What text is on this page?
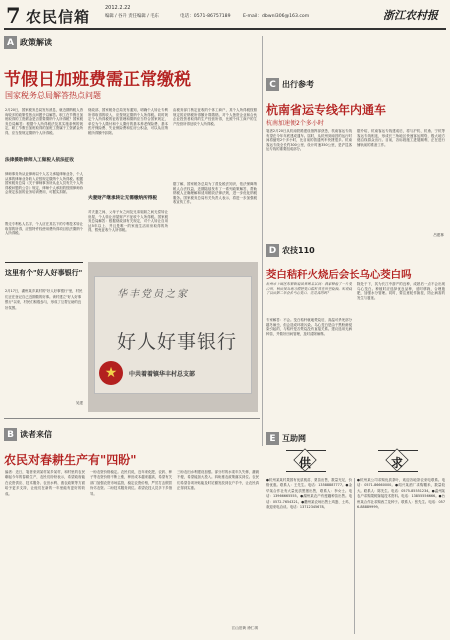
7 农民信箱	2012.2.22
编辑 / 谷升 责任编辑 / 毛东	电话：0571-86757189	E-mail：dbwnl306@163.com	浙江农村报
A 政策解读
节假日加班费需正常缴税
国家税务总局解答热点问题
2月20日，国家税务总局发布消息，就近期纳税人咨询较多的政策性热点问题予以解答。职工在节假日加班取得的工资薪金是否需要缴纳个人所得税？国家税务总局解答：根据个人所得税法及其实施条例的规定，职工节假日加班取得的加班工资属于工资薪金所得，应当按规定缴纳个人所得税。
法律援助律师人工做税人依法征收
律师事务所从业律师以个人名义承接律师业务，个人从事的律师业务收入应按规定缴纳个人所得税。根据国家税务总局《关于律师事务所从业人员有关个人所得税问题的公告》规定，律师个人承担的按照律师协会规定参加的业务培训费用，可据实扣除。
既走专利私人名字，个人应在其名下的专利技术转让取得的所得，应按特许权使用费所得项目依法缴纳个人所得税。
财政部、国家税务总局发布通知，明确个人转让专利所得取得的收入，应按规定缴纳个人所得税。同时规定个人所得税的征收管理和缴纳应当符合国家规定，单位为个人缴付和个人缴付的基本养老保险费、基本医疗保险费、失业保险费和住房公积金，可以从应纳税所得额中扣除。
夫妻财产继承转让无需缴纳所得税
对夫妻之间、父母子女之间及兄弟姐妹之间无偿转让房屋，个人转让房屋财产不征收个人所得税。国家税务总局解答：根据财政部有关规定，对个人转让自用达5年以上、并且是唯一的家庭生活用房取得的所得，暂免征收个人所得税。
由税务部门核定征收的个体工商户，其个人所得税按照规定的应纳税所得额计算缴纳。对个人独资企业和合伙企业投资者取得的生产经营所得，比照个体工商户的生产经营所得征收个人所得税。
据了解，国家税务总局为了普及税法知识，依法保障纳税人合法权益，近期陆续发布了一系列政策解答，帮助纳税人正确理解和适用税收法律法规，进一步优化纳税服务。国家税务总局有关负责人表示，将进一步加强税收宣传工作。
这里有个"好人好事银行"
2月17日，湖州某乡某村的"好人好事银行"里，村民们正在登记自己近期做的好事。该村建立"好人好事银行"以来，村民们积极参与，形成了互帮互助的良好氛围。
吴建
华丰党员之家
好人好事银行
★	中共着着镇华丰村总支部
C 出行参考
杭南省运专线年内通车
杭南加速便2个多小时
笔者2月20日从杭南铁路建设指挥部获悉，杭南客运专线有望在今年年底建成通车。届时，从杭州到南昌的运行时间将缩短2个多小时，比目前的普通列车快捷很多。杭南客运专线全长约300公里，设计时速350公里，是沪昆客运专线的重要组成部分。
据介绍，杭南客运专线建成后，将与沪杭、杭甬、宁杭等客运专线相连，形成长三角地区快速客运网络，极大地方便沿线群众出行。目前，各标段施工进展顺利，正在进行铺轨前的准备工作。
吕建林
D 农技110
茭白秸秆火烧后会长乌心茭白吗
杭州市下城区东新街道读者周某某问：我家种植了一片茭白田，秋后按当地习惯把茭白秸秆放在田里烧掉。听说烧了以后第二年会长乌心茭白，这是真的吗？
专家解答：不会。茭白秸秆就地焚烧后，高温可杀死部分越冬病虫，但会造成环境污染。乌心茭白是由于黑粉菌侵染引起的，与秸秆是否焚烧没有直接关系。建议选用无病种苗，并做好田间管理，及时清除病株。
除处于下，其为长江中游产的良种，成熟后一点不会出现乌心茭白。种植时应选择优良品种，适时移栽，合理施肥，加强水分管理。同时，要注意轮作换茬，防止病害的发生与蔓延。
E 互助网
供	求
●杭州某某村果园有优质桃苗、梨苗出售，数量充足，价格优惠。联系人：王先生。电话：13588887777。●金华某合作社有大量优质黑猪出售，联系人：李女士。电话：13966665555。●湖州某农户有莲藕种苗出售。电话：0572-7654321。●衢州某农场出售土鸡蛋、土鸡，欢迎来电洽谈。电话：13712345678。
●杭州某公司求购优质茶叶，欢迎各地茶农来电联系。电话：0571-86660000。●绍兴某酒厂求购糯米，数量较大。联系人：陈先生。电话：0575-85551234。●温州某农户求购果树嫁接技术资料。电话：13855556666。●台州某合作社求购西兰花种子。联系人：张先生。电话：0576-88889999。
B 读者来信
农民对春耕生产有"四盼"
编者：近日，笔者来到某村某乡某村，和村里的农民聊起今年的春耕生产，农民们纷纷表示，希望政府能在农资供应、技术服务、农田水利、惠农政策等方面给予更多支持，让他们在新的一年里能有更好的收成。
一盼农资价格稳定。农民们说，近年来化肥、农药、种子等农资价格不断上涨，种田成本越来越高，希望有关部门加强农资市场监管，稳定农资价格，严厉打击假冒伪劣农资。二盼技术服务到位。希望农技人员多下乡指导。
三盼农田水利建设加强。部分村的水渠年久失修，灌溉不便，希望能加大投入。四盼惠农政策落实到位。农民们希望各项补贴能及时足额发放到农户手中，让农民真正得到实惠。
江山旧黄 徐仁琪
